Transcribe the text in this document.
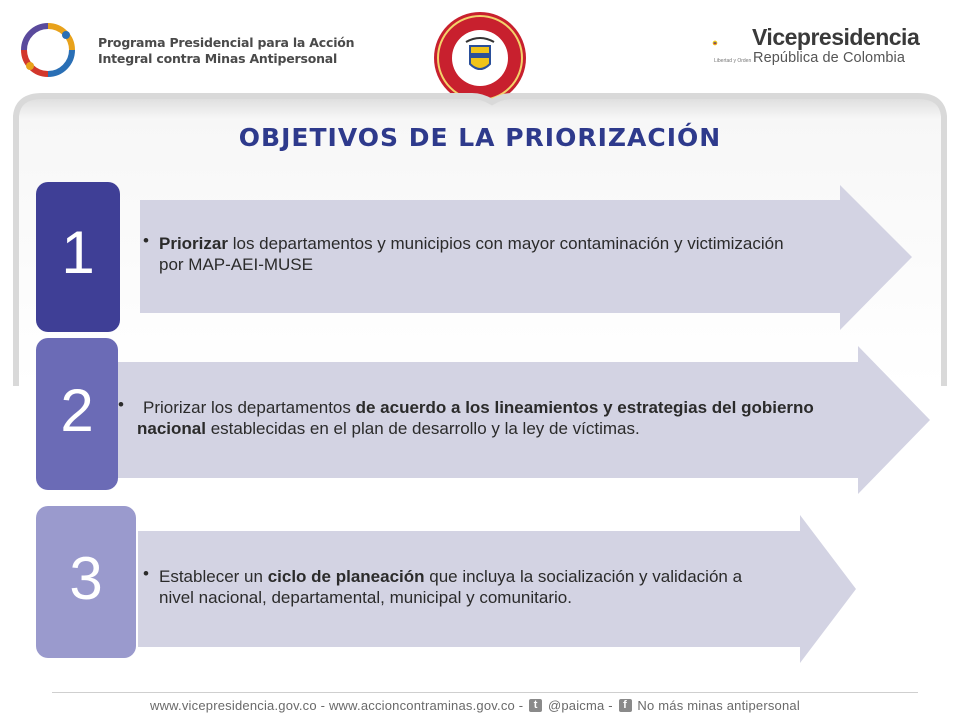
Programa Presidencial para la Acción
Integral contra Minas Antipersonal	Libertad y Orden
Vicepresidencia
República de Colombia
OBJETIVOS DE LA PRIORIZACIÓN
1	• Priorizar los departamentos y municipios con mayor contaminación y victimización por MAP-AEI-MUSE
2	•	Priorizar los departamentos de acuerdo a los lineamientos y estrategias del gobierno nacional establecidas en el plan de desarrollo y la ley de víctimas.
3	• Establecer un ciclo de planeación que incluya la socialización y validación a nivel nacional, departamental, municipal y comunitario.
www.vicepresidencia.gov.co - www.accioncontraminas.gov.co - t @paicma - f No más minas antipersonal
